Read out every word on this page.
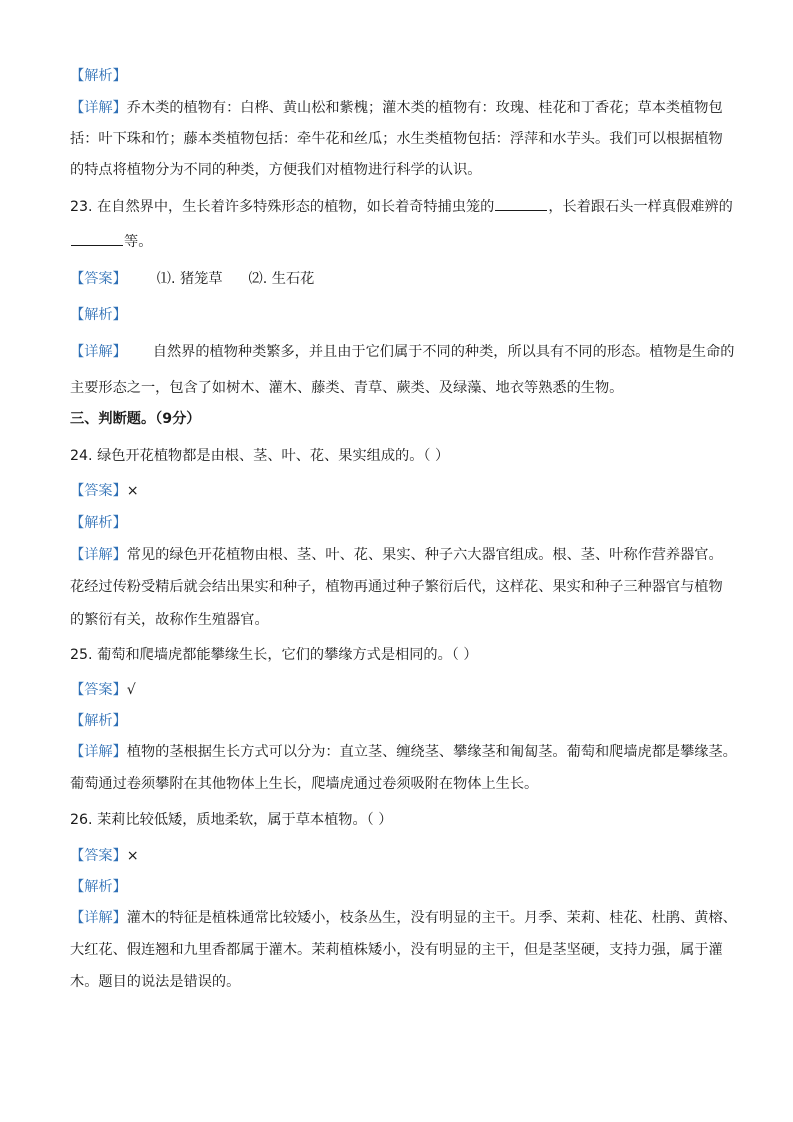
【解析】
【详解】乔木类的植物有：白桦、黄山松和紫槐；灌木类的植物有：玫瑰、桂花和丁香花；草本类植物包
括：叶下珠和竹；藤本类植物包括：牵牛花和丝瓜；水生类植物包括：浮萍和水芋头。我们可以根据植物
的特点将植物分为不同的种类，方便我们对植物进行科学的认识。
23. 在自然界中，生长着许多特殊形态的植物，如长着奇特捕虫笼的	，长着跟石头一样真假难辨的
等。
【答案】 ⑴. 猪笼草 ⑵. 生石花
【解析】
【详解】 自然界的植物种类繁多，并且由于它们属于不同的种类，所以具有不同的形态。植物是生命的
主要形态之一，包含了如树木、灌木、藤类、青草、蕨类、及绿藻、地衣等熟悉的生物。
三、判断题。（9分）
24. 绿色开花植物都是由根、茎、叶、花、果实组成的。（ ）
【答案】×
【解析】
【详解】常见的绿色开花植物由根、茎、叶、花、果实、种子六大器官组成。根、茎、叶称作营养器官。
花经过传粉受精后就会结出果实和种子，植物再通过种子繁衍后代，这样花、果实和种子三种器官与植物
的繁衍有关，故称作生殖器官。
25. 葡萄和爬墙虎都能攀缘生长，它们的攀缘方式是相同的。（ ）
【答案】√
【解析】
【详解】植物的茎根据生长方式可以分为：直立茎、缠绕茎、攀缘茎和匍匐茎。葡萄和爬墙虎都是攀缘茎。
葡萄通过卷须攀附在其他物体上生长，爬墙虎通过卷须吸附在物体上生长。
26. 茉莉比较低矮，质地柔软，属于草本植物。（ ）
【答案】×
【解析】
【详解】灌木的特征是植株通常比较矮小，枝条丛生，没有明显的主干。月季、茉莉、桂花、杜鹃、黄榕、
大红花、假连翘和九里香都属于灌木。茉莉植株矮小，没有明显的主干，但是茎坚硬，支持力强，属于灌
木。题目的说法是错误的。
